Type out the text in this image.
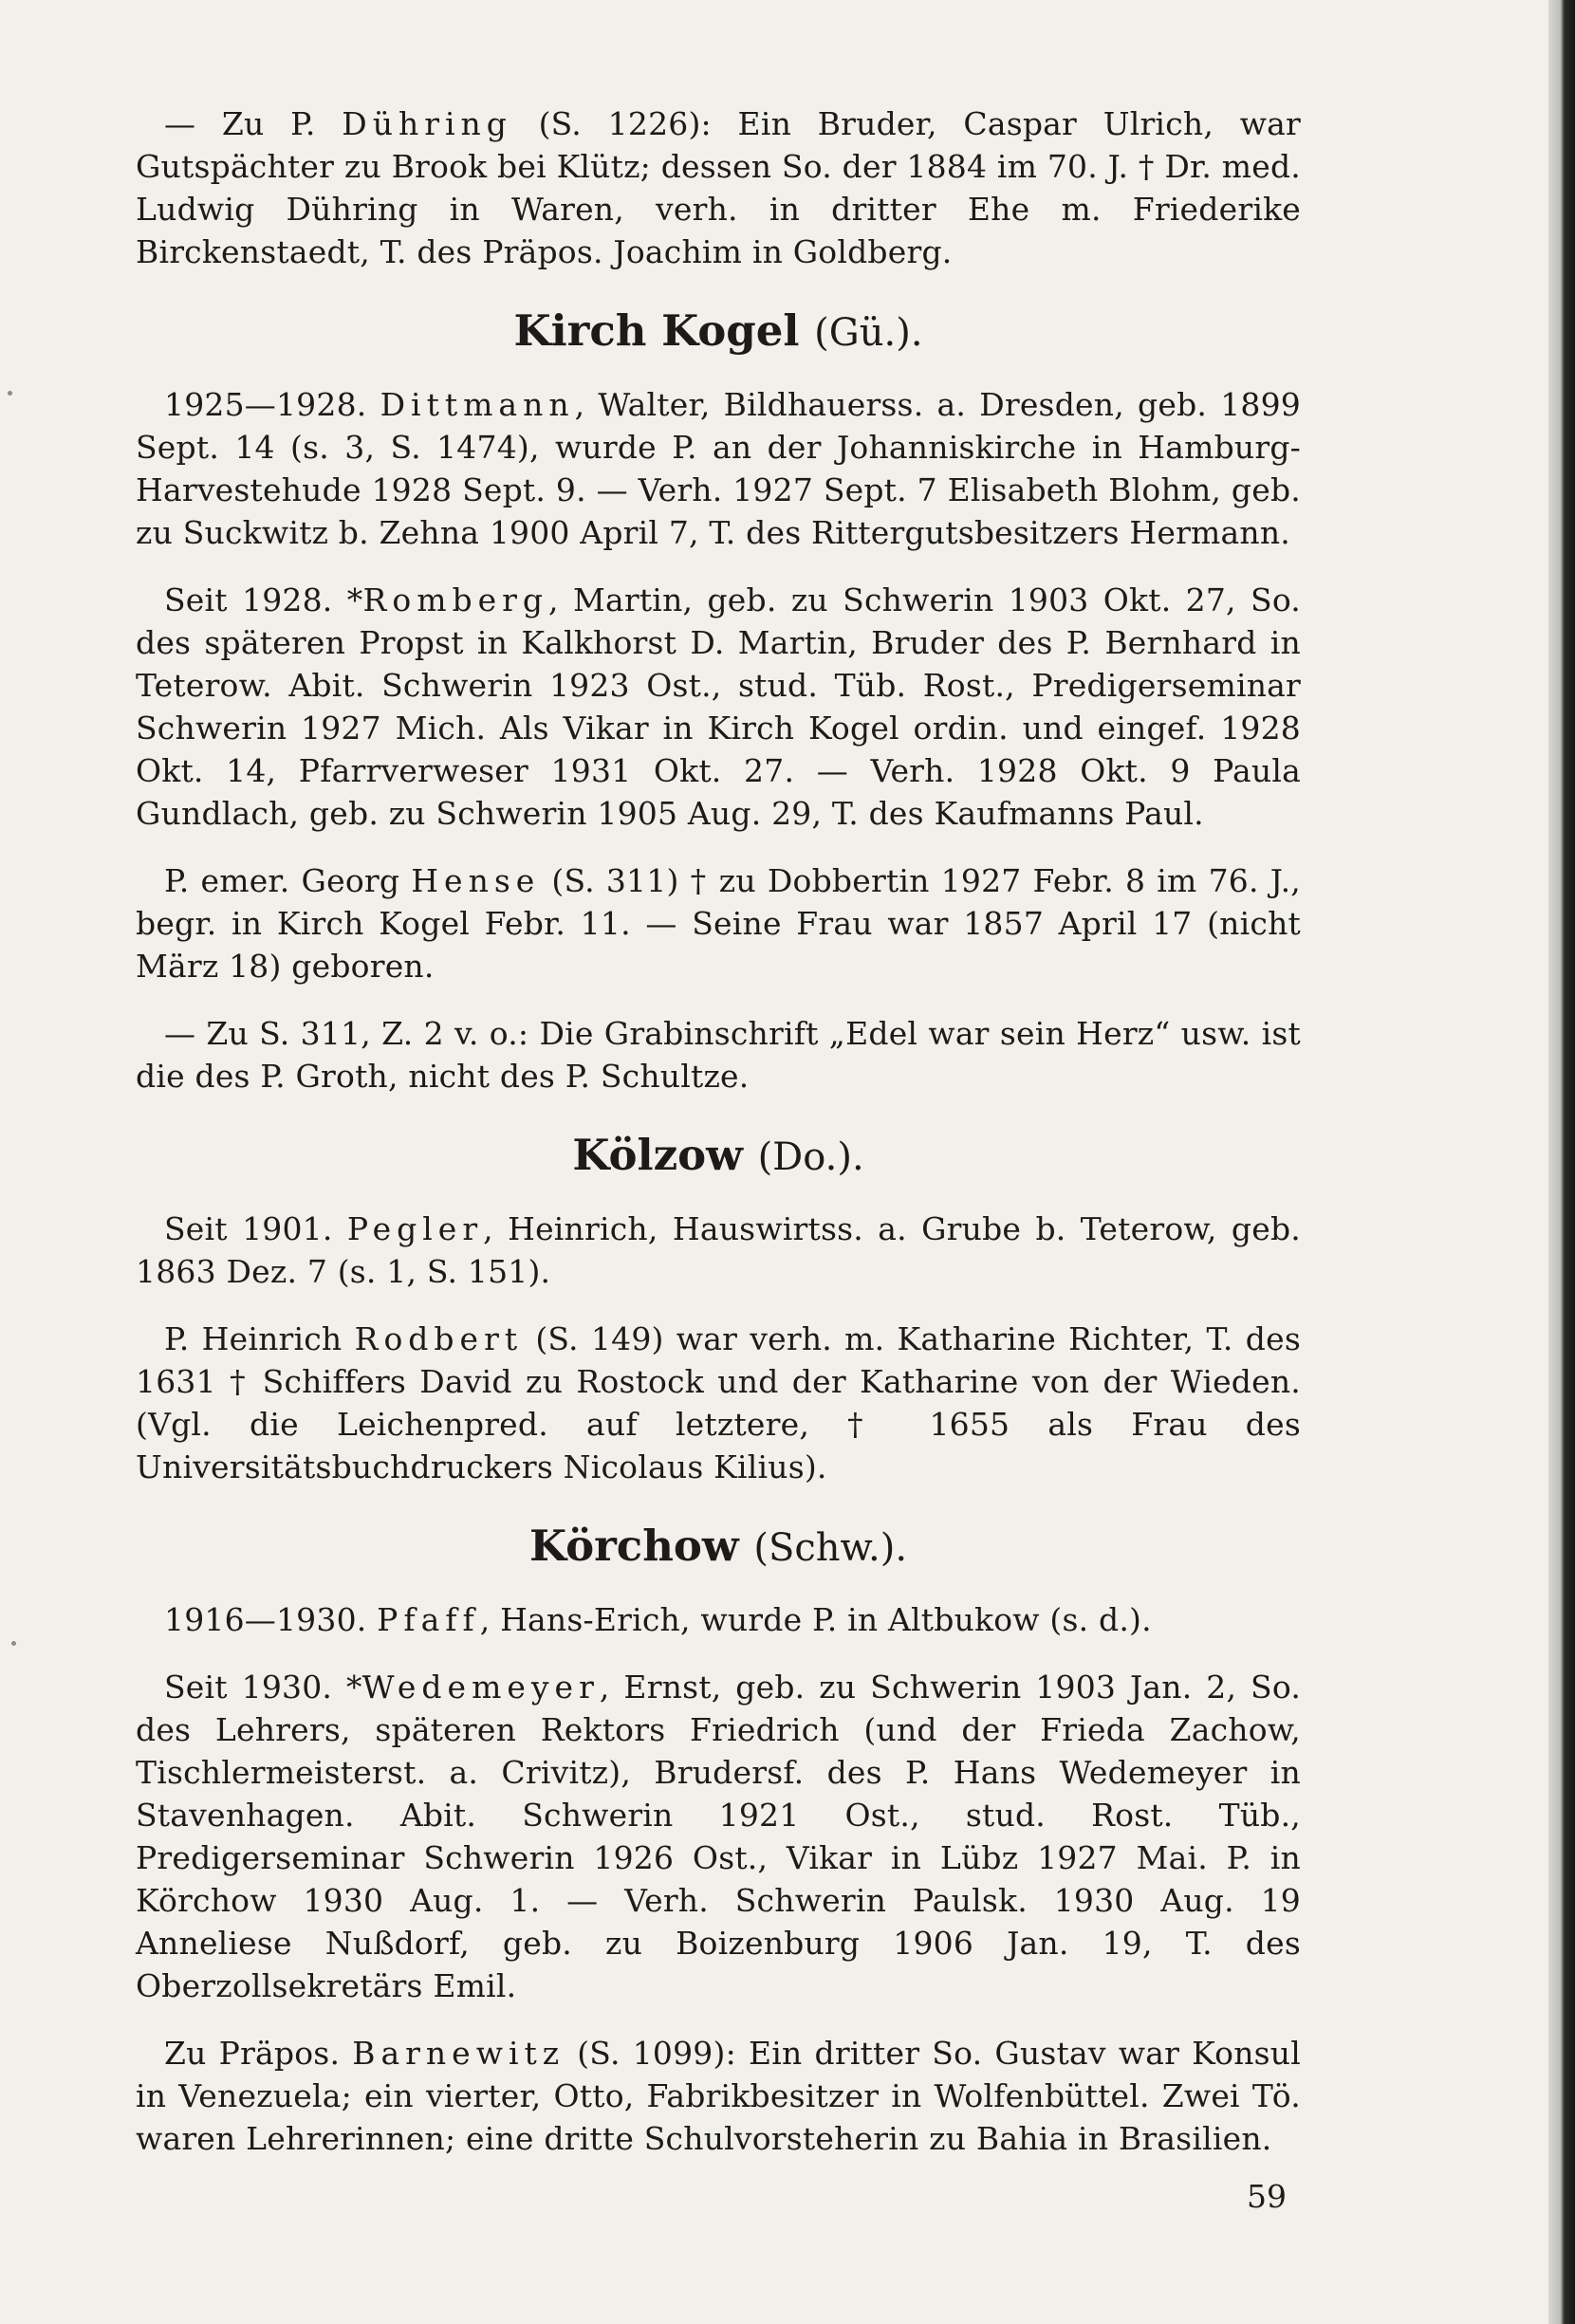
— Zu P. Dühring (S. 1226): Ein Bruder, Caspar Ulrich, war Gutspächter zu Brook bei Klütz; dessen So. der 1884 im 70. J. † Dr. med. Ludwig Dühring in Waren, verh. in dritter Ehe m. Friederike Birckenstaedt, T. des Präpos. Joachim in Goldberg.

Kirch Kogel (Gü.).

1925—1928. Dittmann, Walter, Bildhauerss. a. Dresden, geb. 1899 Sept. 14 (s. 3, S. 1474), wurde P. an der Johanniskirche in Hamburg-Harvestehude 1928 Sept. 9. — Verh. 1927 Sept. 7 Elisabeth Blohm, geb. zu Suckwitz b. Zehna 1900 April 7, T. des Rittergutsbesitzers Hermann.

Seit 1928. *Romberg, Martin, geb. zu Schwerin 1903 Okt. 27, So. des späteren Propst in Kalkhorst D. Martin, Bruder des P. Bernhard in Teterow. Abit. Schwerin 1923 Ost., stud. Tüb. Rost., Predigerseminar Schwerin 1927 Mich. Als Vikar in Kirch Kogel ordin. und eingef. 1928 Okt. 14, Pfarrverweser 1931 Okt. 27. — Verh. 1928 Okt. 9 Paula Gundlach, geb. zu Schwerin 1905 Aug. 29, T. des Kaufmanns Paul.

P. emer. Georg Hense (S. 311) † zu Dobbertin 1927 Febr. 8 im 76. J., begr. in Kirch Kogel Febr. 11. — Seine Frau war 1857 April 17 (nicht März 18) geboren.

— Zu S. 311, Z. 2 v. o.: Die Grabinschrift „Edel war sein Herz“ usw. ist die des P. Groth, nicht des P. Schultze.

Kölzow (Do.).

Seit 1901. Pegler, Heinrich, Hauswirtss. a. Grube b. Teterow, geb. 1863 Dez. 7 (s. 1, S. 151).

P. Heinrich Rodbert (S. 149) war verh. m. Katharine Richter, T. des 1631 † Schiffers David zu Rostock und der Katharine von der Wieden. (Vgl. die Leichenpred. auf letztere, † 1655 als Frau des Universitätsbuchdruckers Nicolaus Kilius).

Körchow (Schw.).

1916—1930. Pfaff, Hans-Erich, wurde P. in Altbukow (s. d.).

Seit 1930. *Wedemeyer, Ernst, geb. zu Schwerin 1903 Jan. 2, So. des Lehrers, späteren Rektors Friedrich (und der Frieda Zachow, Tischlermeisterst. a. Crivitz), Brudersf. des P. Hans Wedemeyer in Stavenhagen. Abit. Schwerin 1921 Ost., stud. Rost. Tüb., Predigerseminar Schwerin 1926 Ost., Vikar in Lübz 1927 Mai. P. in Körchow 1930 Aug. 1. — Verh. Schwerin Paulsk. 1930 Aug. 19 Anneliese Nußdorf, geb. zu Boizenburg 1906 Jan. 19, T. des Oberzollsekretärs Emil.

Zu Präpos. Barnewitz (S. 1099): Ein dritter So. Gustav war Konsul in Venezuela; ein vierter, Otto, Fabrikbesitzer in Wolfenbüttel. Zwei Tö. waren Lehrerinnen; eine dritte Schulvorsteherin zu Bahia in Brasilien.

59
